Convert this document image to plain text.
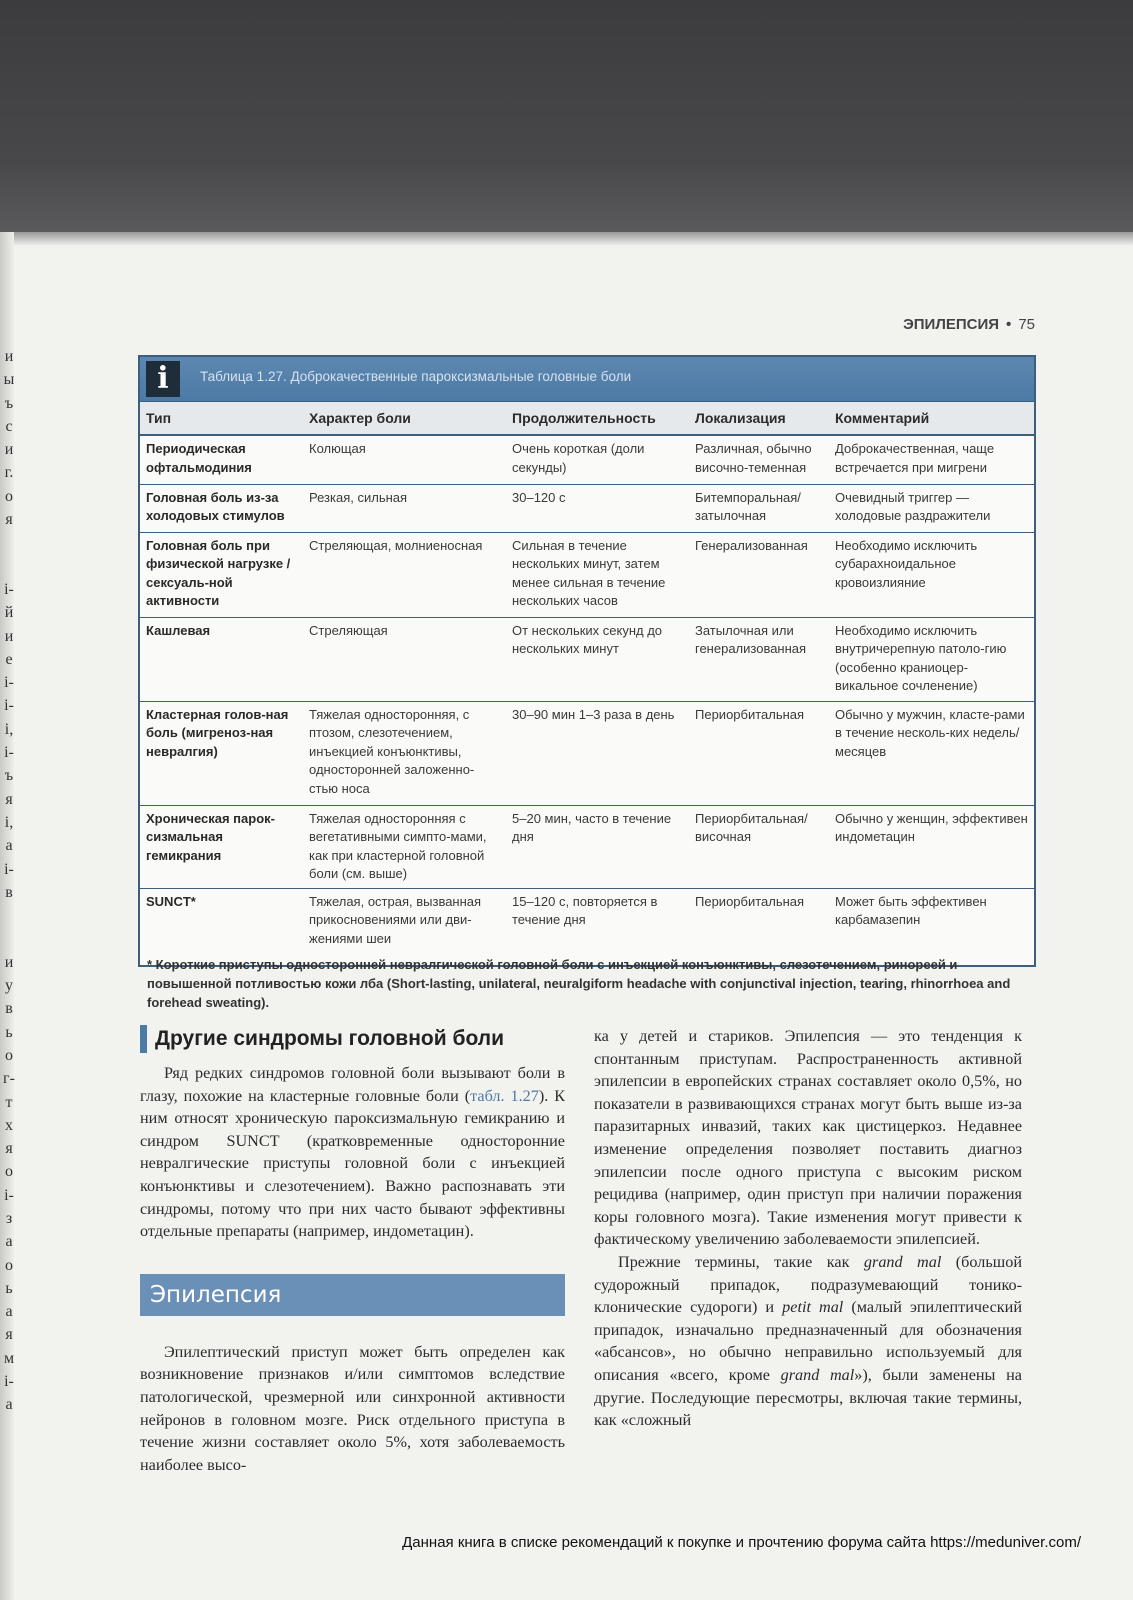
и
ы
ъ
с
и
г.
о
я
і-
й
и
е
і-
і-
і,
і-
ъ
я
і,
а
і-
в
и
у
в
ь
о
г-
т
х
я
о
і-
з
а
о
ь
а
я
м
і-
а
ЭПИЛЕПСИЯ • 75
i	Таблица 1.27. Доброкачественные пароксизмальные головные боли
Тип	Характер боли	Продолжительность	Локализация	Комментарий
Периодическая офтальмодиния	Колющая	Очень короткая (доли секунды)	Различная, обычно височно-теменная	Доброкачественная, чаще встречается при мигрени
Головная боль из-за холодовых стимулов	Резкая, сильная	30–120 с	Битемпоральная/ затылочная	Очевидный триггер — холодовые раздражители
Головная боль при физической нагрузке / сексуаль-ной активности	Стреляющая, молниеносная	Сильная в течение нескольких минут, затем менее сильная в течение нескольких часов	Генерализованная	Необходимо исключить субарахноидальное кровоизлияние
Кашлевая	Стреляющая	От нескольких секунд до нескольких минут	Затылочная или генерализованная	Необходимо исключить внутричерепную патоло-гию (особенно краниоцер-викальное сочленение)
Кластерная голов-ная боль (мигреноз-ная невралгия)	Тяжелая односторонняя, с птозом, слезотечением, инъекцией конъюнктивы, односторонней заложенно-стью носа	30–90 мин 1–3 раза в день	Периорбитальная	Обычно у мужчин, класте-рами в течение несколь-ких недель/месяцев
Хроническая парок-сизмальная гемикрания	Тяжелая односторонняя с вегетативными симпто-мами, как при кластерной головной боли (см. выше)	5–20 мин, часто в течение дня	Периорбитальная/ височная	Обычно у женщин, эффективен индометацин
SUNCT*	Тяжелая, острая, вызванная прикосновениями или дви-жениями шеи	15–120 с, повторяется в течение дня	Периорбитальная	Может быть эффективен карбамазепин
* Короткие приступы односторонней невралгической головной боли с инъекцией конъюнктивы, слезотечением, ринореей и повышенной потливостью кожи лба (Short-lasting, unilateral, neuralgiform headache with conjunctival injection, tearing, rhinorrhoea and forehead sweating).
Другие синдромы головной боли

Ряд редких синдромов головной боли вызывают боли в глазу, похожие на кластерные головные боли (табл. 1.27). К ним относят хроническую пароксизмальную гемикранию и синдром SUNCT (кратковременные односторонние невралгические приступы головной боли с инъекцией конъюнктивы и слезотечением). Важно распознавать эти синдромы, потому что при них часто бывают эффективны отдельные препараты (например, индометацин).

Эпилепсия

Эпилептический приступ может быть определен как возникновение признаков и/или симптомов вследствие патологической, чрезмерной или синхронной активности нейронов в головном мозге. Риск отдельного приступа в течение жизни составляет около 5%, хотя заболеваемость наиболее высо-

ка у детей и стариков. Эпилепсия — это тенденция к спонтанным приступам. Распространенность активной эпилепсии в европейских странах составляет около 0,5%, но показатели в развивающихся странах могут быть выше из-за паразитарных инвазий, таких как цистицеркоз. Недавнее изменение определения позволяет поставить диагноз эпилепсии после одного приступа с высоким риском рецидива (например, один приступ при наличии поражения коры головного мозга). Такие изменения могут привести к фактическому увеличению заболеваемости эпилепсией.

Прежние термины, такие как grand mal (большой судорожный припадок, подразумевающий тонико-клонические судороги) и petit mal (малый эпилептический припадок, изначально предназначенный для обозначения «абсансов», но обычно неправильно используемый для описания «всего, кроме grand mal»), были заменены на другие. Последующие пересмотры, включая такие термины, как «сложный

Данная книга в списке рекомендаций к покупке и прочтению форума сайта https://meduniver.com/
